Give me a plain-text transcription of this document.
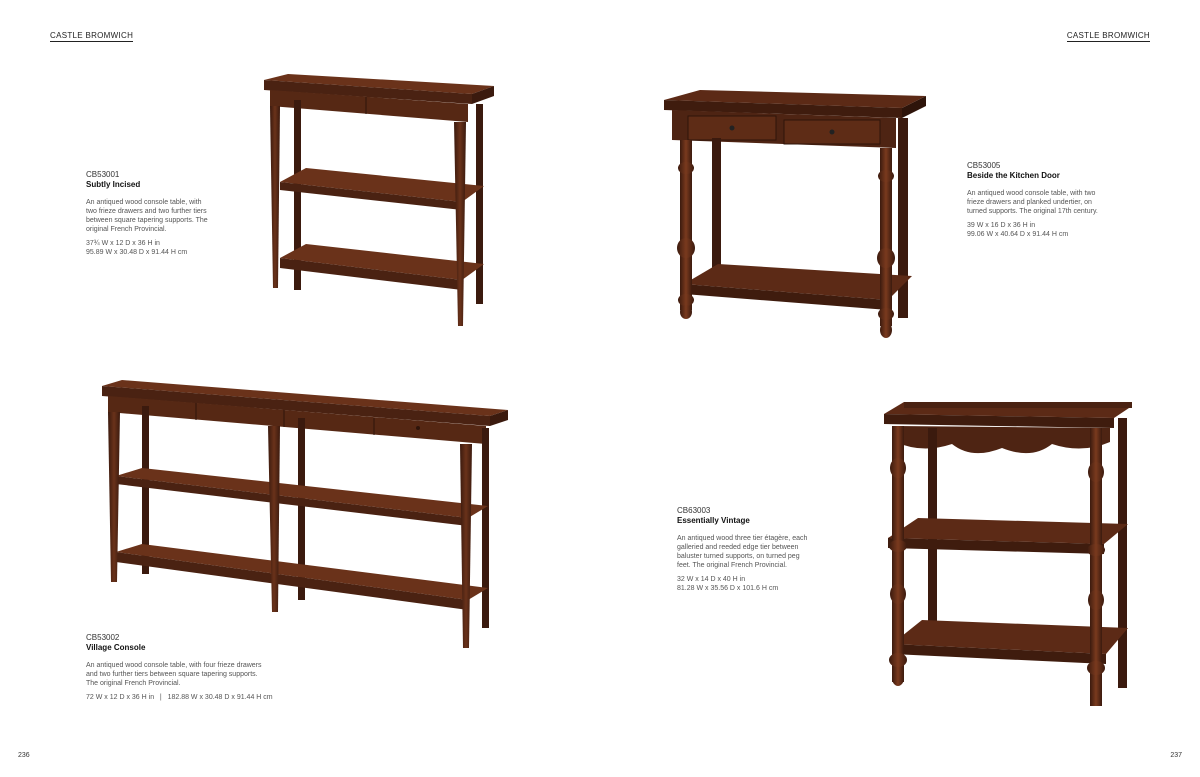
CASTLE BROMWICH
CB53001
Subtly Incised
An antiqued wood console table, with
two frieze drawers and two further tiers
between square tapering supports. The
original French Provincial.
37¾ W x 12 D x 36 H in
95.89 W x 30.48 D x 91.44 H cm
CB53002
Village Console
An antiqued wood console table, with four frieze drawers
and two further tiers between square tapering supports.
The original French Provincial.
72 W x 12 D x 36 H in   |   182.88 W x 30.48 D x 91.44 H cm
236
CASTLE BROMWICH
CB53005
Beside the Kitchen Door
An antiqued wood console table, with two
frieze drawers and planked undertier, on
turned supports. The original 17th century.
39 W x 16 D x 36 H in
99.06 W x 40.64 D x 91.44 H cm
CB63003
Essentially Vintage
An antiqued wood three tier étagère, each
galleried and reeded edge tier between
baluster turned supports, on turned peg
feet. The original French Provincial.
32 W x 14 D x 40 H in
81.28 W x 35.56 D x 101.6 H cm
237
